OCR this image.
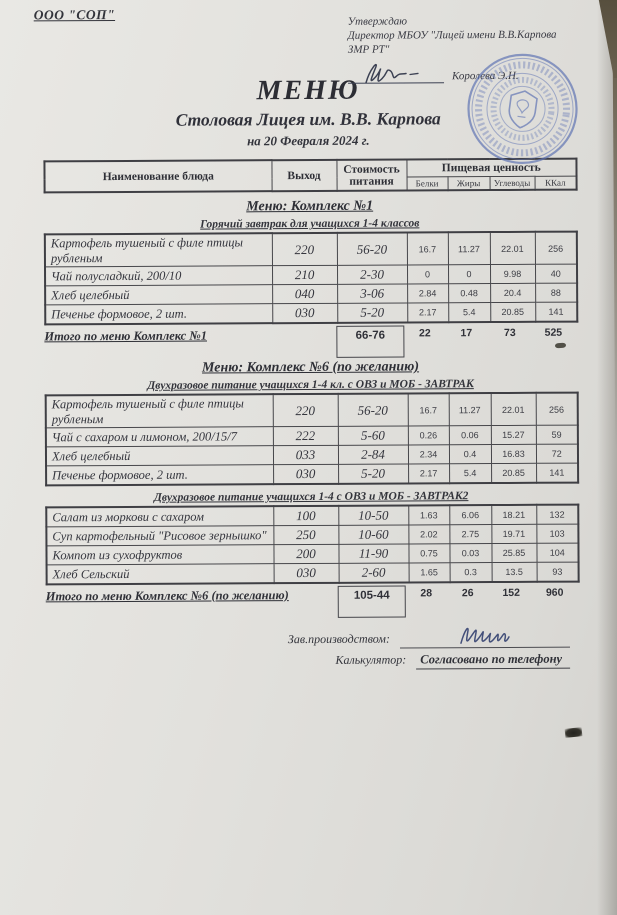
ООО "СОП"	Утверждаю
Директор МБОУ "Лицей имени В.В.Карпова ЗМР РТ"
Королева Э.Н.
МЕНЮ
Столовая Лицея им. В.В. Карпова
на 20 Февраля 2024 г.
Наименование блюда	Выход	Стоимость питания	Пищевая ценность			
			Белки	Жиры	Углеводы	ККал
Меню: Комплекс №1
Горячий завтрак для учащихся 1-4 классов
Картофель тушеный с филе птицы рубленым	220	56-20	16.7	11.27	22.01	256
Чай полусладкий, 200/10	210	2-30	0	0	9.98	40
Хлеб целебный	040	3-06	2.84	0.48	20.4	88
Печенье формовое, 2 шт.	030	5-20	2.17	5.4	20.85	141
Итого по меню Комплекс №1	66-76	22	17	73	525
Меню: Комплекс №6 (по желанию)
Двухразовое питание учащихся 1-4 кл. с ОВЗ и МОБ - ЗАВТРАК
Картофель тушеный с филе птицы рубленым	220	56-20	16.7	11.27	22.01	256
Чай с сахаром и лимоном, 200/15/7	222	5-60	0.26	0.06	15.27	59
Хлеб целебный	033	2-84	2.34	0.4	16.83	72
Печенье формовое, 2 шт.	030	5-20	2.17	5.4	20.85	141
Двухразовое питание учащихся 1-4 с ОВЗ и МОБ - ЗАВТРАК2
Салат из моркови с сахаром	100	10-50	1.63	6.06	18.21	132
Суп картофельный "Рисовое зернышко"	250	10-60	2.02	2.75	19.71	103
Компот из сухофруктов	200	11-90	0.75	0.03	25.85	104
Хлеб Сельский	030	2-60	1.65	0.3	13.5	93
Итого по меню Комплекс №6 (по желанию)	105-44	28	26	152	960
Зав.производством:
Калькулятор:	Согласовано по телефону
